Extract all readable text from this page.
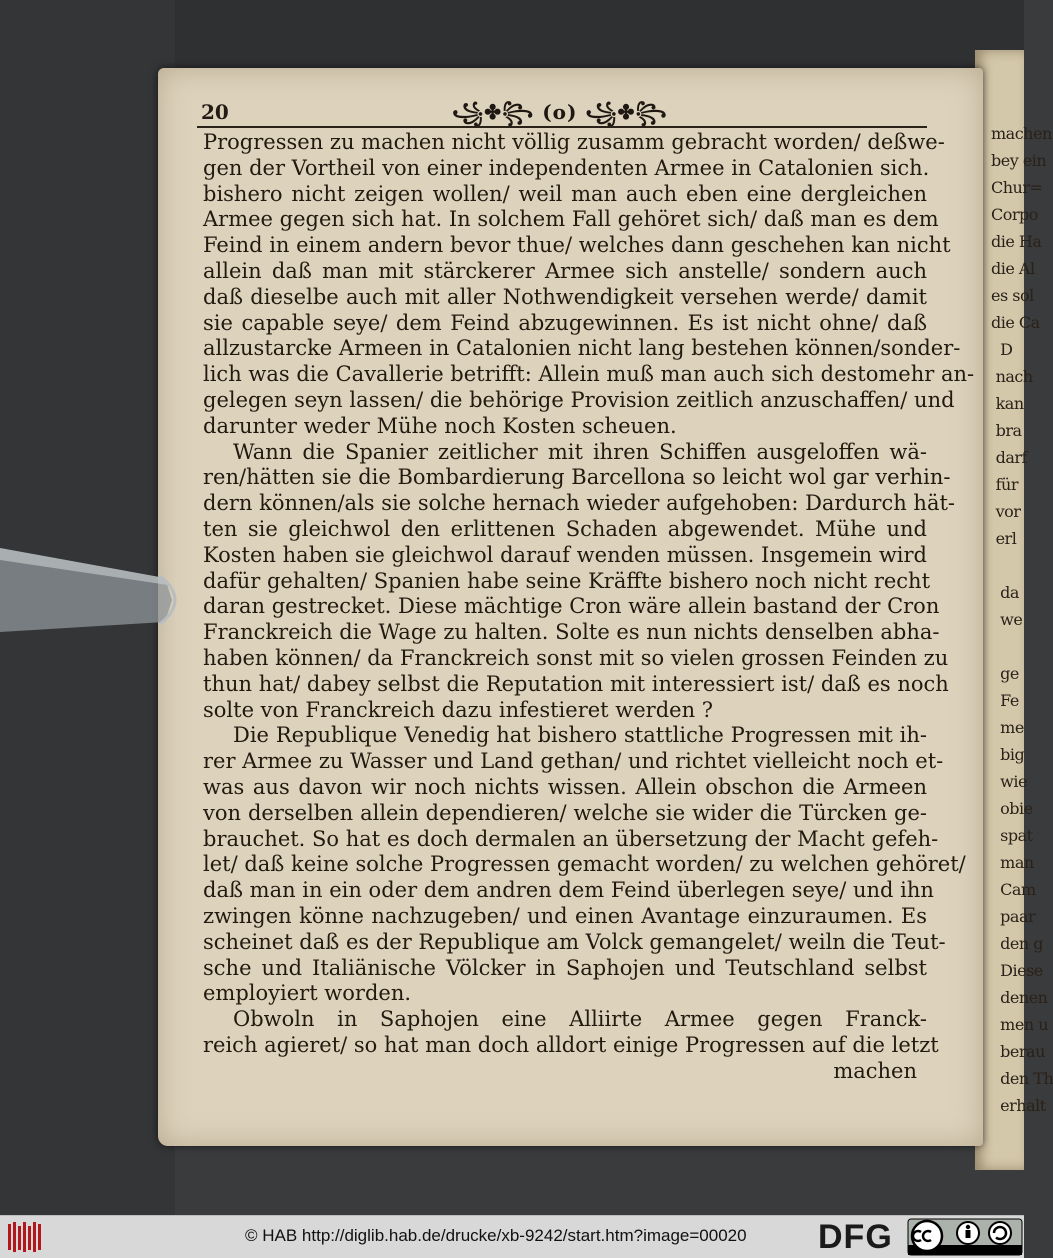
machen
bey ein
Chur=
Corpo
die Ha
die Al
es sol
die Ca
D
nach
kan
bra
darf
für
vor
erl

da
we

ge
Fe
me
big
wie
obie
spat
man
Cam
paar
den g
Diese
denen
men u
berau
den Th
erhalt
20	꧁✤꧂ (o) ꧁✤꧂
Progressen zu machen nicht völlig zusamm gebracht worden/ deßwe-
gen der Vortheil von einer independenten Armee in Catalonien sich.
bishero nicht zeigen wollen/ weil man auch eben eine dergleichen
Armee gegen sich hat. In solchem Fall gehöret sich/ daß man es dem
Feind in einem andern bevor thue/ welches dann geschehen kan nicht
allein daß man mit stärckerer Armee sich anstelle/ sondern auch
daß dieselbe auch mit aller Nothwendigkeit versehen werde/ damit
sie capable seye/ dem Feind abzugewinnen. Es ist nicht ohne/ daß
allzustarcke Armeen in Catalonien nicht lang bestehen können/sonder-
lich was die Cavallerie betrifft: Allein muß man auch sich destomehr an-
gelegen seyn lassen/ die behörige Provision zeitlich anzuschaffen/ und
darunter weder Mühe noch Kosten scheuen.
Wann die Spanier zeitlicher mit ihren Schiffen ausgeloffen wä-
ren/hätten sie die Bombardierung Barcellona so leicht wol gar verhin-
dern können/als sie solche hernach wieder aufgehoben: Dardurch hät-
ten sie gleichwol den erlittenen Schaden abgewendet. Mühe und
Kosten haben sie gleichwol darauf wenden müssen. Insgemein wird
dafür gehalten/ Spanien habe seine Kräffte bishero noch nicht recht
daran gestrecket. Diese mächtige Cron wäre allein bastand der Cron
Franckreich die Wage zu halten. Solte es nun nichts denselben abha-
haben können/ da Franckreich sonst mit so vielen grossen Feinden zu
thun hat/ dabey selbst die Reputation mit interessiert ist/ daß es noch
solte von Franckreich dazu infestieret werden ?
Die Republique Venedig hat bishero stattliche Progressen mit ih-
rer Armee zu Wasser und Land gethan/ und richtet vielleicht noch et-
was aus davon wir noch nichts wissen. Allein obschon die Armeen
von derselben allein dependieren/ welche sie wider die Türcken ge-
brauchet. So hat es doch dermalen an übersetzung der Macht gefeh-
let/ daß keine solche Progressen gemacht worden/ zu welchen gehöret/
daß man in ein oder dem andren dem Feind überlegen seye/ und ihn
zwingen könne nachzugeben/ und einen Avantage einzuraumen. Es
scheinet daß es der Republique am Volck gemangelet/ weiln die Teut-
sche und Italiänische Völcker in Saphojen und Teutschland selbst
employiert worden.
Obwoln in Saphojen eine Alliirte Armee gegen Franck-
reich agieret/ so hat man doch alldort einige Progressen auf die letzt
machen
© HAB http://diglib.hab.de/drucke/xb-9242/start.htm?image=00020 DFG
